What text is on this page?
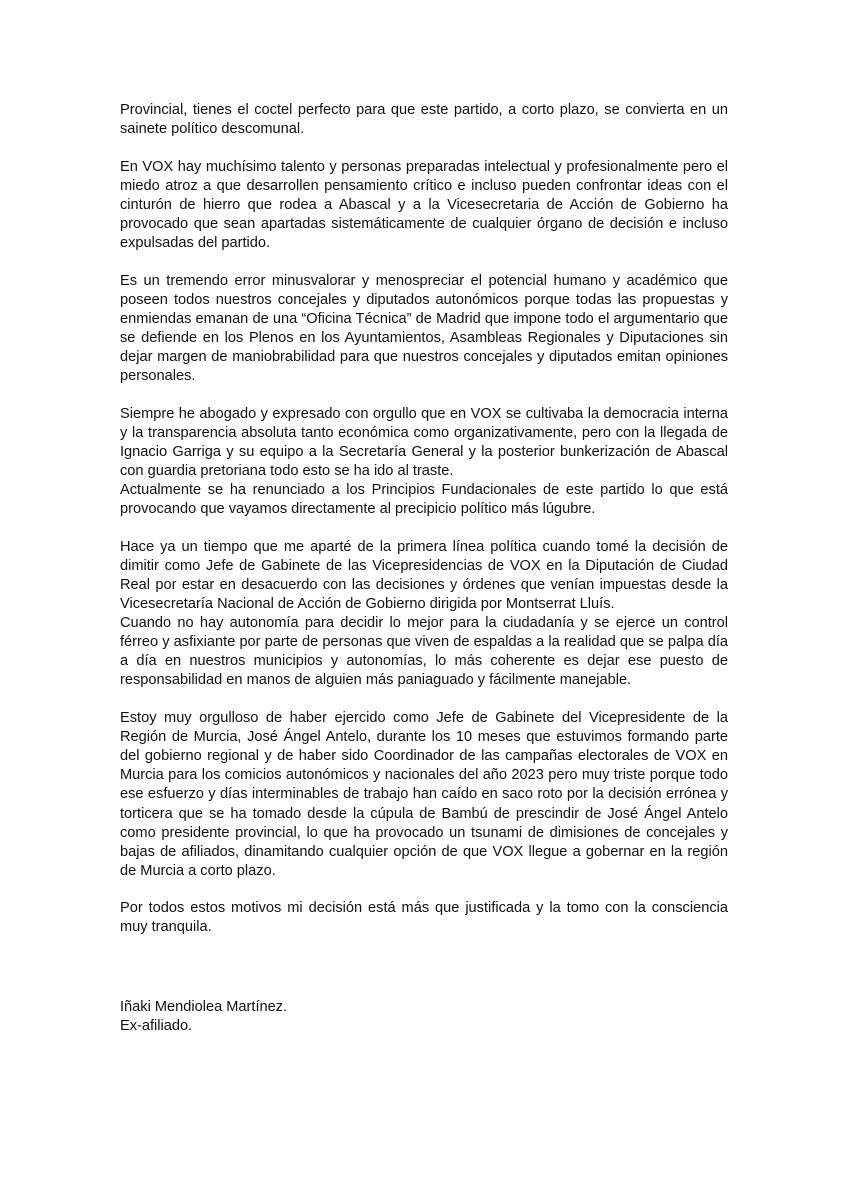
Provincial, tienes el coctel perfecto para que este partido, a corto plazo, se convierta en un sainete político descomunal.

En VOX hay muchísimo talento y personas preparadas intelectual y profesionalmente pero el miedo atroz a que desarrollen pensamiento crítico e incluso pueden confrontar ideas con el cinturón de hierro que rodea a Abascal y a la Vicesecretaria de Acción de Gobierno ha provocado que sean apartadas sistemáticamente de cualquier órgano de decisión e incluso expulsadas del partido.

Es un tremendo error minusvalorar y menospreciar el potencial humano y académico que poseen todos nuestros concejales y diputados autonómicos porque todas las propuestas y enmiendas emanan de una “Oficina Técnica” de Madrid que impone todo el argumentario que se defiende en los Plenos en los Ayuntamientos, Asambleas Regionales y Diputaciones sin dejar margen de maniobrabilidad para que nuestros concejales y diputados emitan opiniones personales.

Siempre he abogado y expresado con orgullo que en VOX se cultivaba la democracia interna y la transparencia absoluta tanto económica como organizativamente, pero con la llegada de Ignacio Garriga y su equipo a la Secretaría General y la posterior bunkerización de Abascal con guardia pretoriana todo esto se ha ido al traste.

Actualmente se ha renunciado a los Principios Fundacionales de este partido lo que está provocando que vayamos directamente al precipicio político más lúgubre.

Hace ya un tiempo que me aparté de la primera línea política cuando tomé la decisión de dimitir como Jefe de Gabinete de las Vicepresidencias de VOX en la Diputación de Ciudad Real por estar en desacuerdo con las decisiones y órdenes que venían impuestas desde la Vicesecretaría Nacional de Acción de Gobierno dirigida por Montserrat Lluís.

Cuando no hay autonomía para decidir lo mejor para la ciudadanía y se ejerce un control férreo y asfixiante por parte de personas que viven de espaldas a la realidad que se palpa día a día en nuestros municipios y autonomías, lo más coherente es dejar ese puesto de responsabilidad en manos de alguien más paniaguado y fácilmente manejable.

Estoy muy orgulloso de haber ejercido como Jefe de Gabinete del Vicepresidente de la Región de Murcia, José Ángel Antelo, durante los 10 meses que estuvimos formando parte del gobierno regional y de haber sido Coordinador de las campañas electorales de VOX en Murcia para los comicios autonómicos y nacionales del año 2023 pero muy triste porque todo ese esfuerzo y días interminables de trabajo han caído en saco roto por la decisión errónea y torticera que se ha tomado desde la cúpula de Bambú de prescindir de José Ángel Antelo como presidente provincial, lo que ha provocado un tsunami de dimisiones de concejales y bajas de afiliados, dinamitando cualquier opción de que VOX llegue a gobernar en la región de Murcia a corto plazo.

Por todos estos motivos mi decisión está más que justificada y la tomo con la consciencia muy tranquila.

Iñaki Mendiolea Martínez.
Ex-afiliado.
